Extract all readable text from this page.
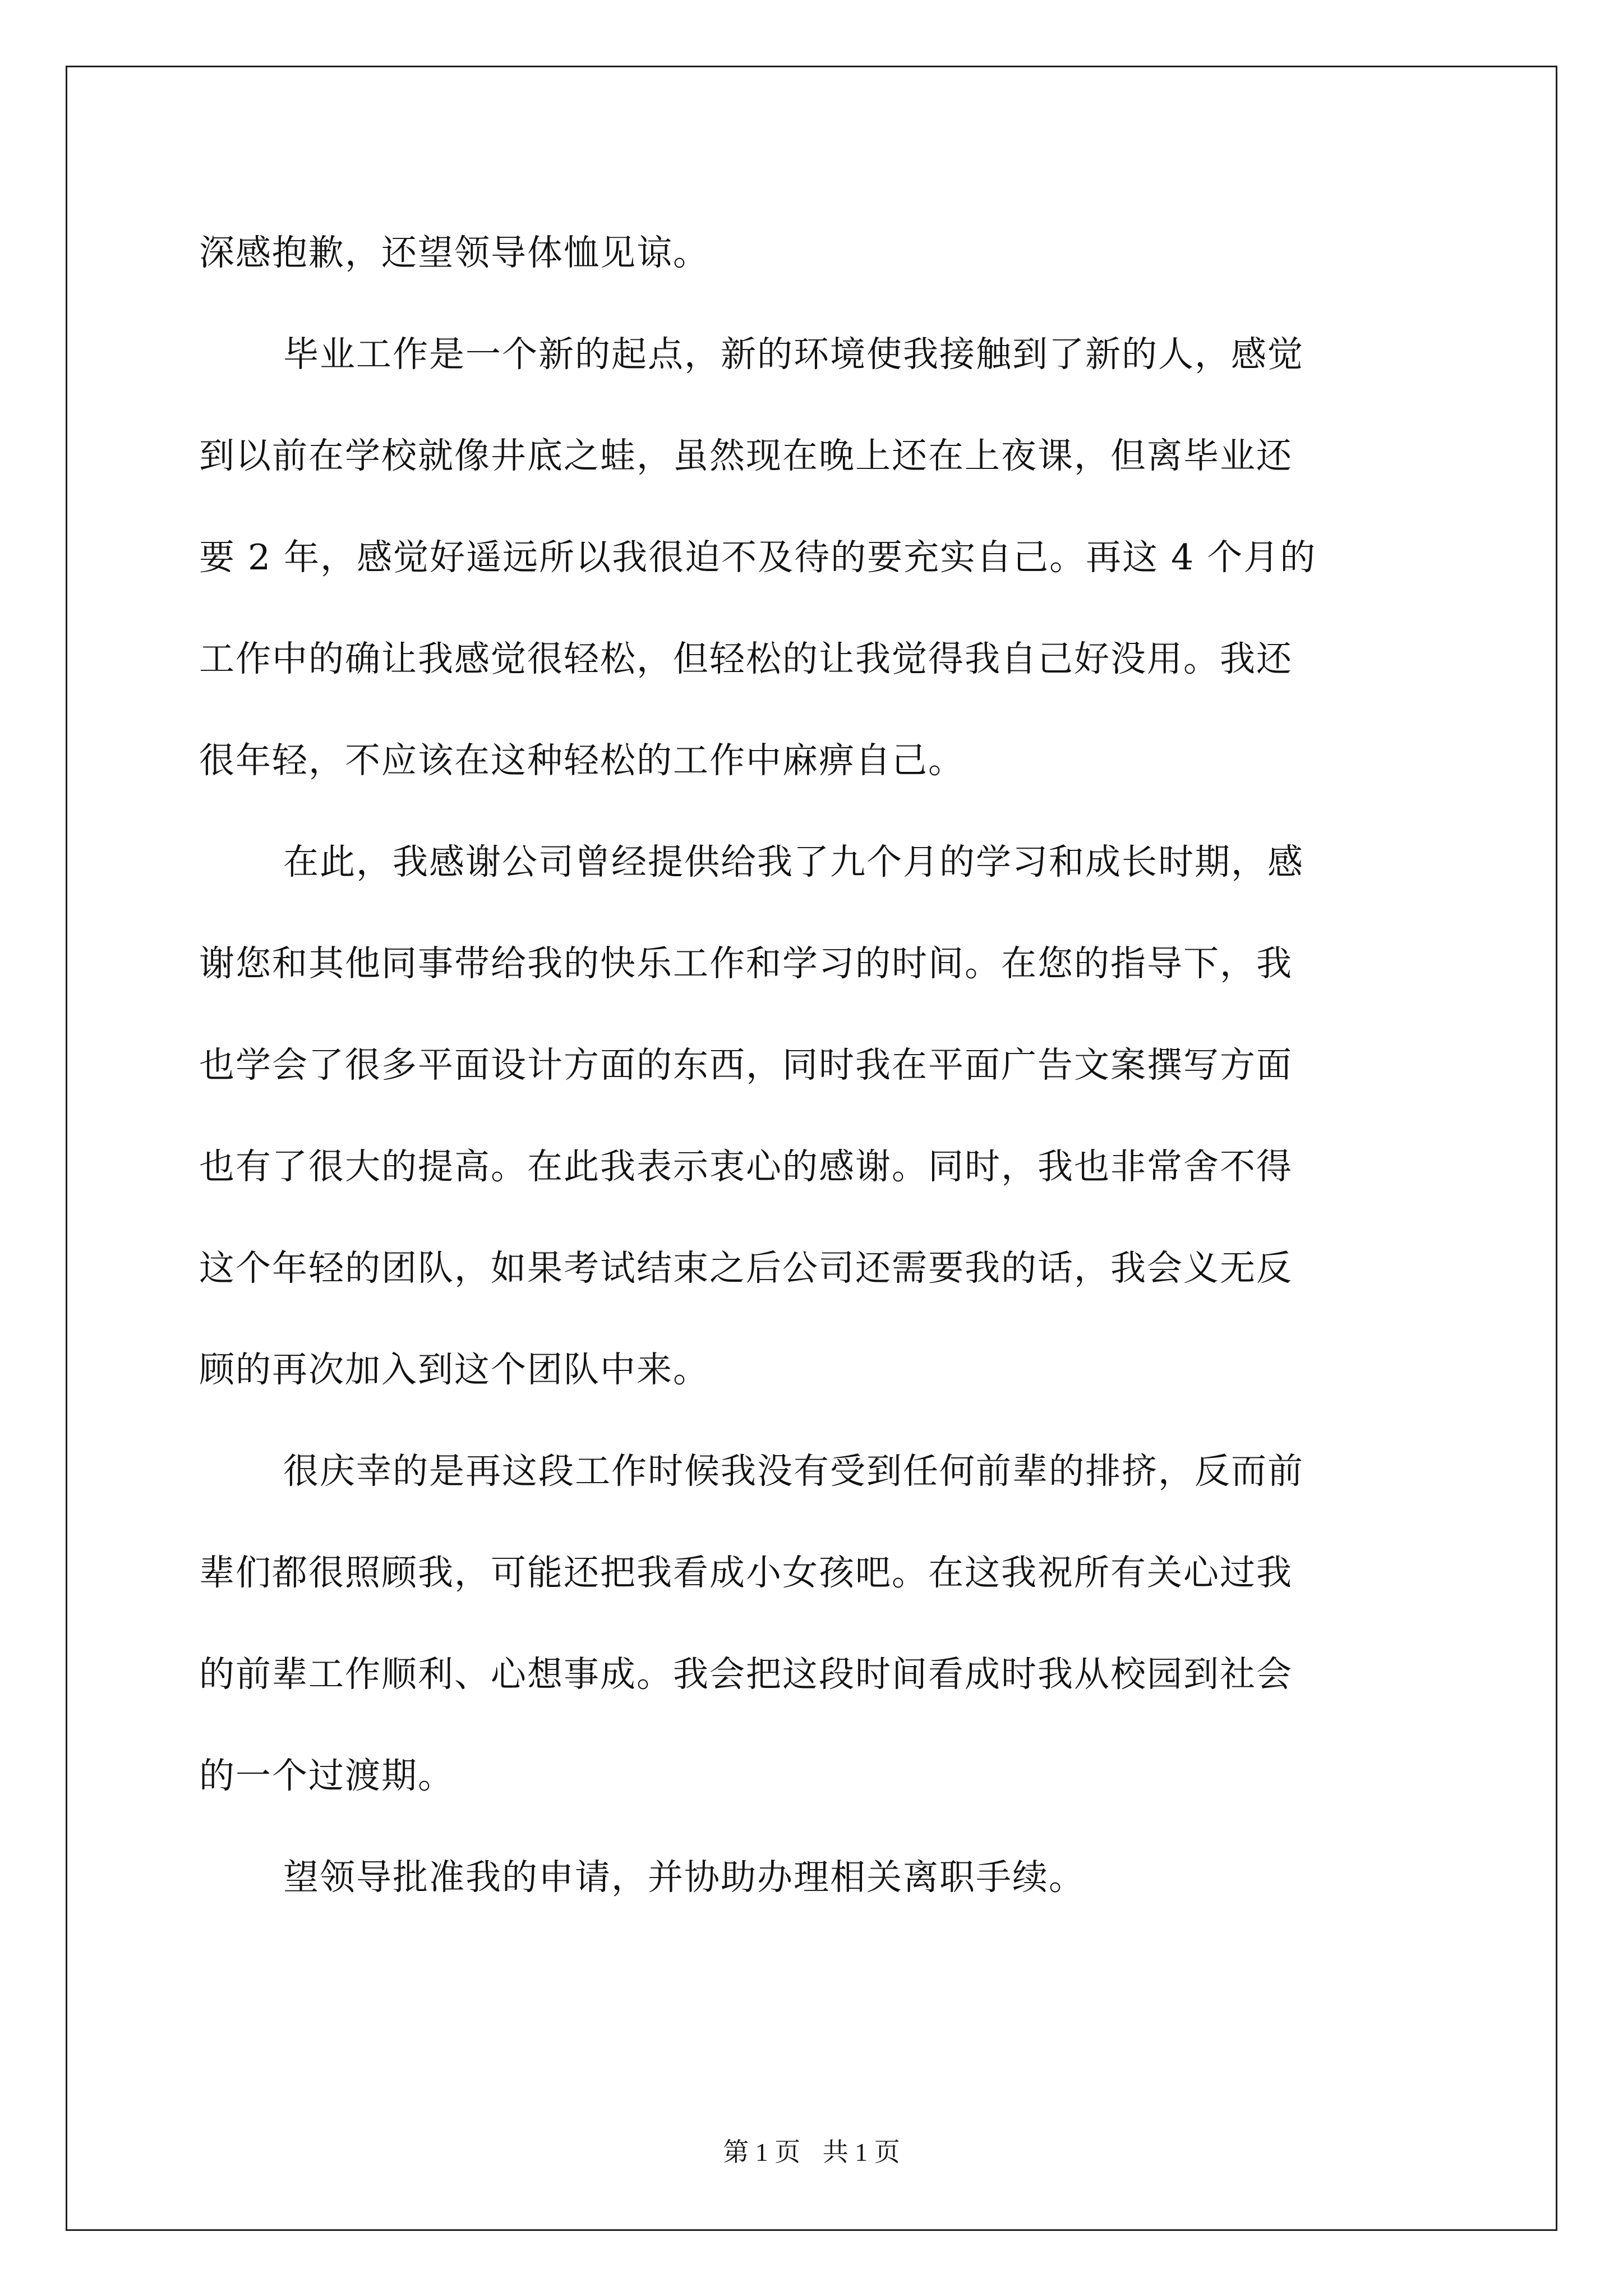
深感抱歉，还望领导体恤见谅。
毕业工作是一个新的起点，新的环境使我接触到了新的人，感觉
到以前在学校就像井底之蛙，虽然现在晚上还在上夜课，但离毕业还
要 2 年，感觉好遥远所以我很迫不及待的要充实自己。再这 4 个月的
工作中的确让我感觉很轻松，但轻松的让我觉得我自己好没用。我还
很年轻，不应该在这种轻松的工作中麻痹自己。
在此，我感谢公司曾经提供给我了九个月的学习和成长时期，感
谢您和其他同事带给我的快乐工作和学习的时间。在您的指导下，我
也学会了很多平面设计方面的东西，同时我在平面广告文案撰写方面
也有了很大的提高。在此我表示衷心的感谢。同时，我也非常舍不得
这个年轻的团队，如果考试结束之后公司还需要我的话，我会义无反
顾的再次加入到这个团队中来。
很庆幸的是再这段工作时候我没有受到任何前辈的排挤，反而前
辈们都很照顾我，可能还把我看成小女孩吧。在这我祝所有关心过我
的前辈工作顺利、心想事成。我会把这段时间看成时我从校园到社会
的一个过渡期。
望领导批准我的申请，并协助办理相关离职手续。
第 1 页 共 1 页
